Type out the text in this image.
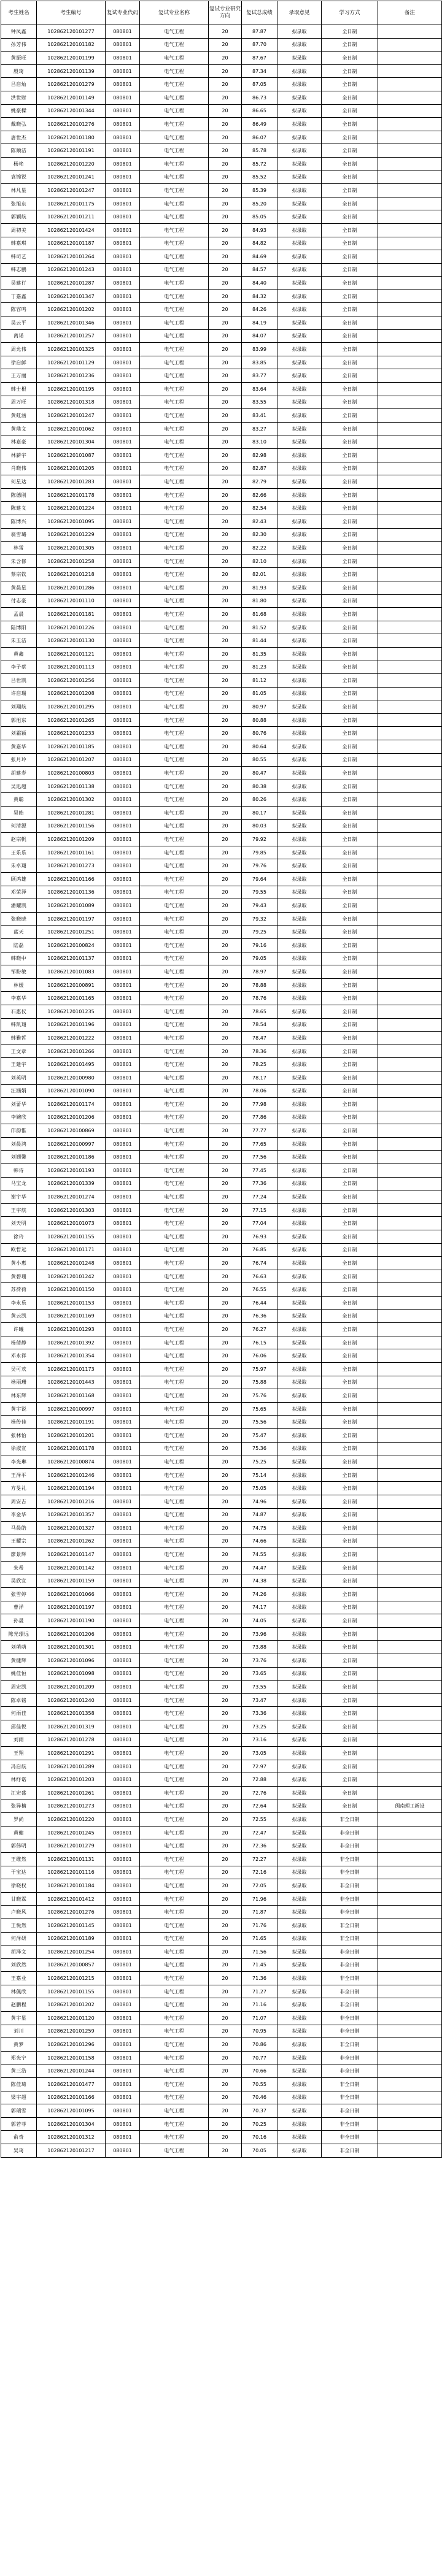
考生姓名	考生编号	复试专业代码	复试专业名称	复试专业研究方向	复试总成绩	录取意见	学习方式	备注
钟凤鑫	102862120101277	080801	电气工程	20	87.87	拟录取	全日制	
孙芳伟	102862120101182	080801	电气工程	20	87.70	拟录取	全日制	
黄振旺	102862120101199	080801	电气工程	20	87.67	拟录取	全日制	
殷琦	102862120101139	080801	电气工程	20	87.34	拟录取	全日制	
吕启灿	102862120101279	080801	电气工程	20	87.05	拟录取	全日制	
洪世财	102862120101149	080801	电气工程	20	86.73	拟录取	全日制	
姚豪樑	102862120101344	080801	电气工程	20	86.65	拟录取	全日制	
戴晓弘	102862120101276	080801	电气工程	20	86.49	拟录取	全日制	
唐世杰	102862120101180	080801	电气工程	20	86.07	拟录取	全日制	
陈顺洁	102862120101191	080801	电气工程	20	85.78	拟录取	全日制	
杨艳	102862120101220	080801	电气工程	20	85.72	拟录取	全日制	
袁锦锐	102862120101241	080801	电气工程	20	85.52	拟录取	全日制	
林凡星	102862120101247	080801	电气工程	20	85.39	拟录取	全日制	
张旭东	102862120101175	080801	电气工程	20	85.20	拟录取	全日制	
郭颖航	102862120101211	080801	电气工程	20	85.05	拟录取	全日制	
周初美	102862120101424	080801	电气工程	20	84.93	拟录取	全日制	
韩嘉琪	102862120101187	080801	电气工程	20	84.82	拟录取	全日制	
韩司艺	102862120101264	080801	电气工程	20	84.69	拟录取	全日制	
韩志鹏	102862120101243	080801	电气工程	20	84.57	拟录取	全日制	
吴建行	102862120101287	080801	电气工程	20	84.40	拟录取	全日制	
丁嘉鑫	102862120101347	080801	电气工程	20	84.32	拟录取	全日制	
陈容鸣	102862120101202	080801	电气工程	20	84.26	拟录取	全日制	
吴云平	102862120101346	080801	电气工程	20	84.19	拟录取	全日制	
离诺	102862120101257	080801	电气工程	20	84.07	拟录取	全日制	
周允伟	102862120101325	080801	电气工程	20	83.99	拟录取	全日制	
徐启鲜	102862120101129	080801	电气工程	20	83.85	拟录取	全日制	
王万丽	102862120101236	080801	电气工程	20	83.77	拟录取	全日制	
韩士根	102862120101195	080801	电气工程	20	83.64	拟录取	全日制	
周万旺	102862120101318	080801	电气工程	20	83.55	拟录取	全日制	
黄虹涵	102862120101247	080801	电气工程	20	83.41	拟录取	全日制	
黄鼎文	102862120101062	080801	电气工程	20	83.27	拟录取	全日制	
林嘉豪	102862120101304	080801	电气工程	20	83.10	拟录取	全日制	
林薪宇	102862120101087	080801	电气工程	20	82.98	拟录取	全日制	
肖晓伟	102862120101205	080801	电气工程	20	82.87	拟录取	全日制	
何星达	102862120101283	080801	电气工程	20	82.79	拟录取	全日制	
陈德刚	102862120101178	080801	电气工程	20	82.66	拟录取	全日制	
陈建义	102862120101224	080801	电气工程	20	82.54	拟录取	全日制	
陈博兴	102862120101095	080801	电气工程	20	82.43	拟录取	全日制	
翁雪璐	102862120101229	080801	电气工程	20	82.30	拟录取	全日制	
林雷	102862120101305	080801	电气工程	20	82.22	拟录取	全日制	
朱含修	102862120101258	080801	电气工程	20	82.10	拟录取	全日制	
蔡宗钦	102862120101218	080801	电气工程	20	82.01	拟录取	全日制	
黄晨星	102862120101286	080801	电气工程	20	81.93	拟录取	全日制	
付志豪	102862120101110	080801	电气工程	20	81.80	拟录取	全日制	
孟晨	102862120101181	080801	电气工程	20	81.68	拟录取	全日制	
陆博阳	102862120101226	080801	电气工程	20	81.52	拟录取	全日制	
朱玉洁	102862120101130	080801	电气工程	20	81.44	拟录取	全日制	
黄鑫	102862120101121	080801	电气工程	20	81.35	拟录取	全日制	
李子蔡	102862120101113	080801	电气工程	20	81.23	拟录取	全日制	
吕世凯	102862120101256	080801	电气工程	20	81.12	拟录取	全日制	
许启瑞	102862120101208	080801	电气工程	20	81.05	拟录取	全日制	
刘翔航	102862120101295	080801	电气工程	20	80.97	拟录取	全日制	
郭旭东	102862120101265	080801	电气工程	20	80.88	拟录取	全日制	
刘霜颖	102862120101233	080801	电气工程	20	80.76	拟录取	全日制	
黄嘉华	102862120101185	080801	电气工程	20	80.64	拟录取	全日制	
张月玲	102862120101207	080801	电气工程	20	80.55	拟录取	全日制	
胡建寿	102862120100803	080801	电气工程	20	80.47	拟录取	全日制	
吴迅超	102862120101138	080801	电气工程	20	80.38	拟录取	全日制	
黄聪	102862120101302	080801	电气工程	20	80.26	拟录取	全日制	
吴皓	102862120101281	080801	电气工程	20	80.17	拟录取	全日制	
何清源	102862120101156	080801	电气工程	20	80.03	拟录取	全日制	
赵宗帆	102862120101209	080801	电气工程	20	79.92	拟录取	全日制	
王乐乐	102862120101161	080801	电气工程	20	79.85	拟录取	全日制	
朱卓翔	102862120101273	080801	电气工程	20	79.76	拟录取	全日制	
顾鸿雄	102862120101166	080801	电气工程	20	79.64	拟录取	全日制	
邓荣泽	102862120101136	080801	电气工程	20	79.55	拟录取	全日制	
潘耀凯	102862120101089	080801	电气工程	20	79.43	拟录取	全日制	
张晓晓	102862120101197	080801	电气工程	20	79.32	拟录取	全日制	
蓝天	102862120101251	080801	电气工程	20	79.25	拟录取	全日制	
陆磊	102862120100824	080801	电气工程	20	79.16	拟录取	全日制	
韩晓中	102862120101137	080801	电气工程	20	79.05	拟录取	全日制	
邹盼敏	102862120101083	080801	电气工程	20	78.97	拟录取	全日制	
林媛	102862120100891	080801	电气工程	20	78.88	拟录取	全日制	
李嘉华	102862120101165	080801	电气工程	20	78.76	拟录取	全日制	
石惠仪	102862120101235	080801	电气工程	20	78.65	拟录取	全日制	
韩凯翔	102862120101196	080801	电气工程	20	78.54	拟录取	全日制	
韩雅哲	102862120101222	080801	电气工程	20	78.47	拟录取	全日制	
王文章	102862120101266	080801	电气工程	20	78.36	拟录取	全日制	
王建宇	102862120101495	080801	电气工程	20	78.25	拟录取	全日制	
刘英明	102862120100980	080801	电气工程	20	78.17	拟录取	全日制	
汪涵娟	102862120101090	080801	电气工程	20	78.06	拟录取	全日制	
刘蕾华	102862120101174	080801	电气工程	20	77.98	拟录取	全日制	
李婉欣	102862120101206	080801	电气工程	20	77.86	拟录取	全日制	
邝韵惟	102862120100869	080801	电气工程	20	77.77	拟录取	全日制	
刘晨鸿	102862120100997	080801	电气工程	20	77.65	拟录取	全日制	
刘翘馨	102862120101186	080801	电气工程	20	77.56	拟录取	全日制	
韩诗	102862120101193	080801	电气工程	20	77.45	拟录取	全日制	
马宝龙	102862120101339	080801	电气工程	20	77.36	拟录取	全日制	
谢宇华	102862120101274	080801	电气工程	20	77.24	拟录取	全日制	
王宇航	102862120101303	080801	电气工程	20	77.15	拟录取	全日制	
刘天明	102862120101073	080801	电气工程	20	77.04	拟录取	全日制	
徐玲	102862120101155	080801	电气工程	20	76.93	拟录取	全日制	
欧哲远	102862120101171	080801	电气工程	20	76.85	拟录取	全日制	
黄小惠	102862120101248	080801	电气工程	20	76.74	拟录取	全日制	
黄碧珊	102862120101242	080801	电气工程	20	76.63	拟录取	全日制	
苏荷荷	102862120101150	080801	电气工程	20	76.55	拟录取	全日制	
李永乐	102862120101153	080801	电气工程	20	76.44	拟录取	全日制	
黄云凯	102862120101169	080801	电气工程	20	76.36	拟录取	全日制	
许曦	102862120101293	080801	电气工程	20	76.27	拟录取	全日制	
杨倩静	102862120101392	080801	电气工程	20	76.15	拟录取	全日制	
邓永祥	102862120101354	080801	电气工程	20	76.06	拟录取	全日制	
吴可欢	102862120101173	080801	电气工程	20	75.97	拟录取	全日制	
杨丽珊	102862120101443	080801	电气工程	20	75.88	拟录取	全日制	
林东辉	102862120101168	080801	电气工程	20	75.76	拟录取	全日制	
黄宇锐	102862120100997	080801	电气工程	20	75.65	拟录取	全日制	
杨传佳	102862120101191	080801	电气工程	20	75.56	拟录取	全日制	
张林怡	102862120101201	080801	电气工程	20	75.47	拟录取	全日制	
徐淑宣	102862120101178	080801	电气工程	20	75.36	拟录取	全日制	
李光琳	102862120100874	080801	电气工程	20	75.25	拟录取	全日制	
王泽平	102862120101246	080801	电气工程	20	75.14	拟录取	全日制	
方旻礼	102862120101194	080801	电气工程	20	75.05	拟录取	全日制	
周安吉	102862120101216	080801	电气工程	20	74.96	拟录取	全日制	
李金华	102862120101357	080801	电气工程	20	74.87	拟录取	全日制	
马晨皓	102862120101327	080801	电气工程	20	74.75	拟录取	全日制	
王耀宗	102862120101262	080801	电气工程	20	74.66	拟录取	全日制	
廖景辉	102862120101147	080801	电气工程	20	74.55	拟录取	全日制	
朱希	102862120101142	080801	电气工程	20	74.47	拟录取	全日制	
吴欣宜	102862120101159	080801	电气工程	20	74.38	拟录取	全日制	
张雪婷	102862120101066	080801	电气工程	20	74.26	拟录取	全日制	
曹洋	102862120101197	080801	电气工程	20	74.17	拟录取	全日制	
孙晟	102862120101190	080801	电气工程	20	74.05	拟录取	全日制	
陈光璟远	102862120101206	080801	电气工程	20	73.96	拟录取	全日制	
刘萌萌	102862120101301	080801	电气工程	20	73.88	拟录取	全日制	
黄健辉	102862120101096	080801	电气工程	20	73.76	拟录取	全日制	
姚佳恒	102862120101098	080801	电气工程	20	73.65	拟录取	全日制	
周宏凯	102862120101209	080801	电气工程	20	73.55	拟录取	全日制	
陈卓铭	102862120101240	080801	电气工程	20	73.47	拟录取	全日制	
何雨佳	102862120101358	080801	电气工程	20	73.36	拟录取	全日制	
邱佳悦	102862120101319	080801	电气工程	20	73.25	拟录取	全日制	
刘雨	102862120101278	080801	电气工程	20	73.16	拟录取	全日制	
王翔	102862120101291	080801	电气工程	20	73.05	拟录取	全日制	
冯启航	102862120101289	080801	电气工程	20	72.97	拟录取	全日制	
林纾诺	102862120101203	080801	电气工程	20	72.88	拟录取	全日制	
江宏盛	102862120101261	080801	电气工程	20	72.76	拟录取	全日制	
张异楠	102862120101273	080801	电气工程	20	72.64	拟录取	全日制	闽南理工新设
罗尚	102862120101220	080801	电气工程	20	72.55	拟录取	非全日制	
黄健	102862120101245	080801	电气工程	20	72.47	拟录取	非全日制	
郭伟明	102862120101279	080801	电气工程	20	72.36	拟录取	非全日制	
王维然	102862120101131	080801	电气工程	20	72.27	拟录取	非全日制	
于宝达	102862120101116	080801	电气工程	20	72.16	拟录取	非全日制	
徐晓权	102862120101184	080801	电气工程	20	72.05	拟录取	非全日制	
甘晓霖	102862120101412	080801	电气工程	20	71.96	拟录取	非全日制	
卢晓风	102862120101276	080801	电气工程	20	71.87	拟录取	非全日制	
王悦然	102862120101145	080801	电气工程	20	71.76	拟录取	非全日制	
何泽研	102862120101189	080801	电气工程	20	71.65	拟录取	非全日制	
胡泽文	102862120101254	080801	电气工程	20	71.56	拟录取	非全日制	
刘欣然	102862120100857	080801	电气工程	20	71.45	拟录取	非全日制	
王嘉业	102862120101215	080801	电气工程	20	71.36	拟录取	非全日制	
林佩欣	102862120101155	080801	电气工程	20	71.27	拟录取	非全日制	
赵鹏程	102862120101202	080801	电气工程	20	71.16	拟录取	非全日制	
黄宇星	102862120101120	080801	电气工程	20	71.07	拟录取	非全日制	
刘川	102862120101259	080801	电气工程	20	70.95	拟录取	非全日制	
黄梦	102862120101296	080801	电气工程	20	70.86	拟录取	非全日制	
郑光宁	102862120101158	080801	电气工程	20	70.77	拟录取	非全日制	
黄三浩	102862120101244	080801	电气工程	20	70.66	拟录取	非全日制	
陈佳琦	102862120101477	080801	电气工程	20	70.55	拟录取	非全日制	
梁宇超	102862120101166	080801	电气工程	20	70.46	拟录取	非全日制	
郭瑞雪	102862120101095	080801	电气工程	20	70.37	拟录取	非全日制	
郭若菲	102862120101304	080801	电气工程	20	70.25	拟录取	非全日制	
俞奇	102862120101312	080801	电气工程	20	70.16	拟录取	非全日制	
吴琦	102862120101217	080801	电气工程	20	70.05	拟录取	非全日制	
